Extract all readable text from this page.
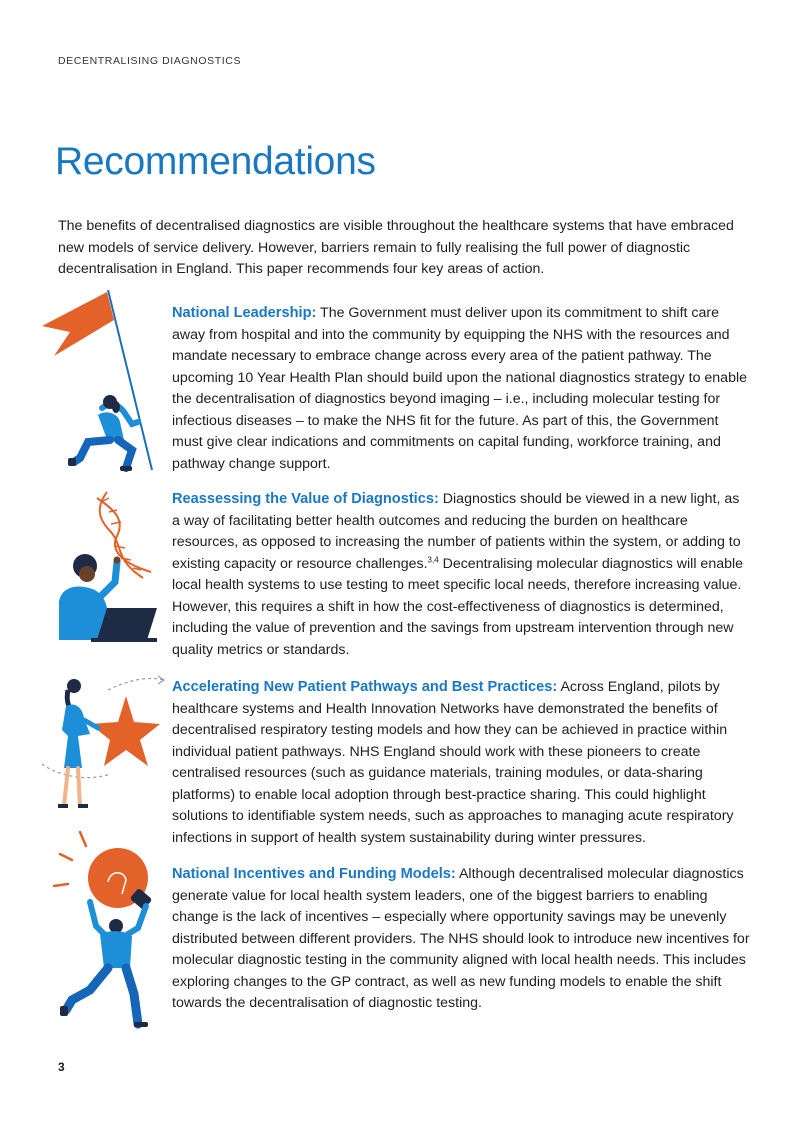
DECENTRALISING DIAGNOSTICS
Recommendations

The benefits of decentralised diagnostics are visible throughout the healthcare systems that have embraced new models of service delivery. However, barriers remain to fully realising the full power of diagnostic decentralisation in England. This paper recommends four key areas of action.

National Leadership: The Government must deliver upon its commitment to shift care away from hospital and into the community by equipping the NHS with the resources and mandate necessary to embrace change across every area of the patient pathway. The upcoming 10 Year Health Plan should build upon the national diagnostics strategy to enable the decentralisation of diagnostics beyond imaging – i.e., including molecular testing for infectious diseases – to make the NHS fit for the future. As part of this, the Government must give clear indications and commitments on capital funding, workforce training, and pathway change support.

Reassessing the Value of Diagnostics: Diagnostics should be viewed in a new light, as a way of facilitating better health outcomes and reducing the burden on healthcare resources, as opposed to increasing the number of patients within the system, or adding to existing capacity or resource challenges.$^{3,4}$ Decentralising molecular diagnostics will enable local health systems to use testing to meet specific local needs, therefore increasing value. However, this requires a shift in how the cost-effectiveness of diagnostics is determined, including the value of prevention and the savings from upstream intervention through new quality metrics or standards.

Accelerating New Patient Pathways and Best Practices: Across England, pilots by healthcare systems and Health Innovation Networks have demonstrated the benefits of decentralised respiratory testing models and how they can be achieved in practice within individual patient pathways. NHS England should work with these pioneers to create centralised resources (such as guidance materials, training modules, or data-sharing platforms) to enable local adoption through best-practice sharing. This could highlight solutions to identifiable system needs, such as approaches to managing acute respiratory infections in support of health system sustainability during winter pressures.

National Incentives and Funding Models: Although decentralised molecular diagnostics generate value for local health system leaders, one of the biggest barriers to enabling change is the lack of incentives – especially where opportunity savings may be unevenly distributed between different providers. The NHS should look to introduce new incentives for molecular diagnostic testing in the community aligned with local health needs. This includes exploring changes to the GP contract, as well as new funding models to enable the shift towards the decentralisation of diagnostic testing.

3
